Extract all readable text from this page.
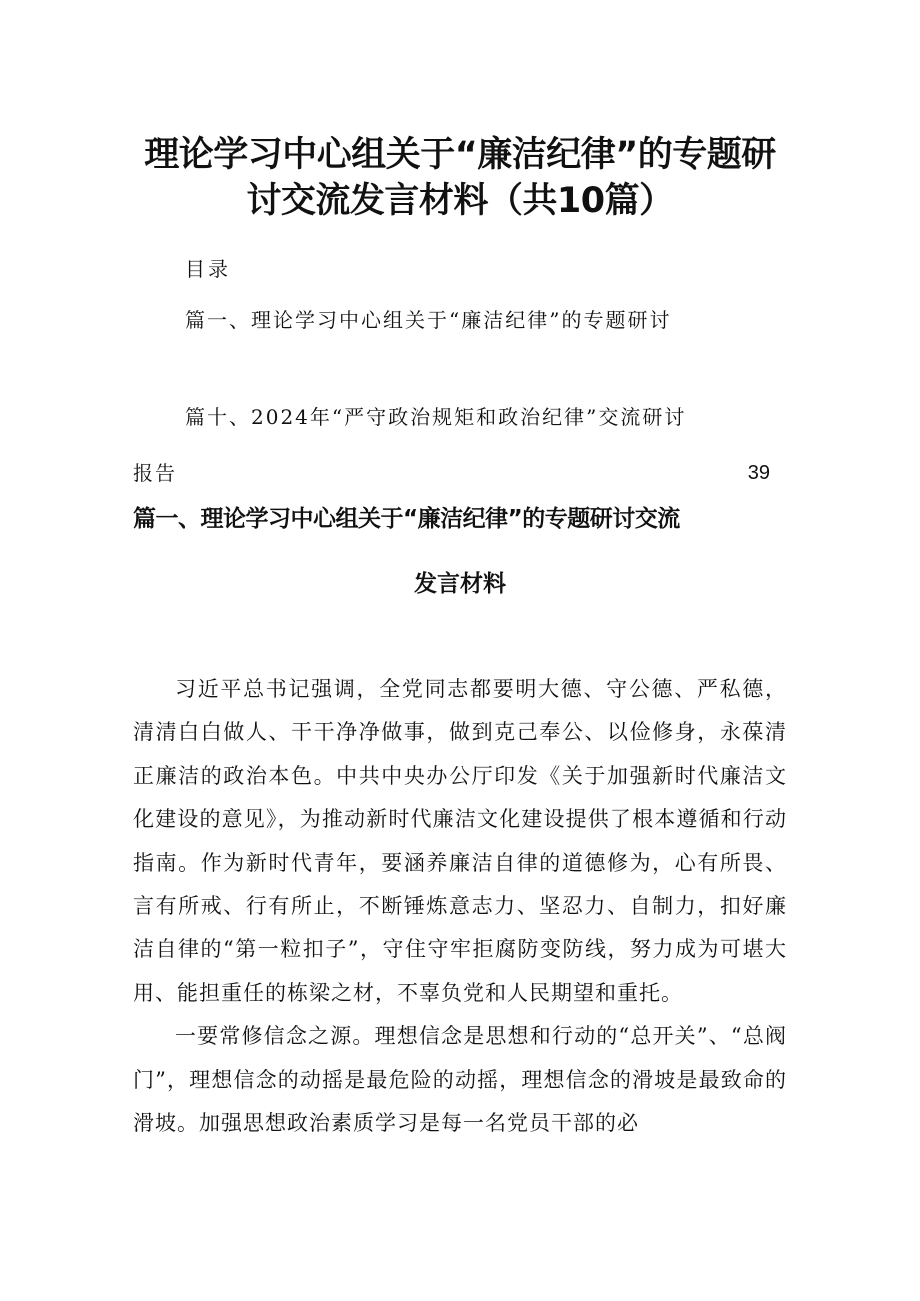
理论学习中心组关于“廉洁纪律”的专题研
讨交流发言材料（共10篇）
目录
篇一、理论学习中心组关于“廉洁纪律”的专题研讨
篇十、2024年“严守政治规矩和政治纪律”交流研讨
报告	39
篇一、理论学习中心组关于“廉洁纪律”的专题研讨交流
发言材料

习近平总书记强调，全党同志都要明大德、守公德、严私德，清清白白做人、干干净净做事，做到克己奉公、以俭修身，永葆清正廉洁的政治本色。中共中央办公厅印发《关于加强新时代廉洁文化建设的意见》，为推动新时代廉洁文化建设提供了根本遵循和行动指南。作为新时代青年，要涵养廉洁自律的道德修为，心有所畏、言有所戒、行有所止，不断锤炼意志力、坚忍力、自制力，扣好廉洁自律的“第一粒扣子”，守住守牢拒腐防变防线，努力成为可堪大用、能担重任的栋梁之材，不辜负党和人民期望和重托。

一要常修信念之源。理想信念是思想和行动的“总开关”、“总阀门”，理想信念的动摇是最危险的动摇，理想信念的滑坡是最致命的滑坡。加强思想政治素质学习是每一名党员干部的必
